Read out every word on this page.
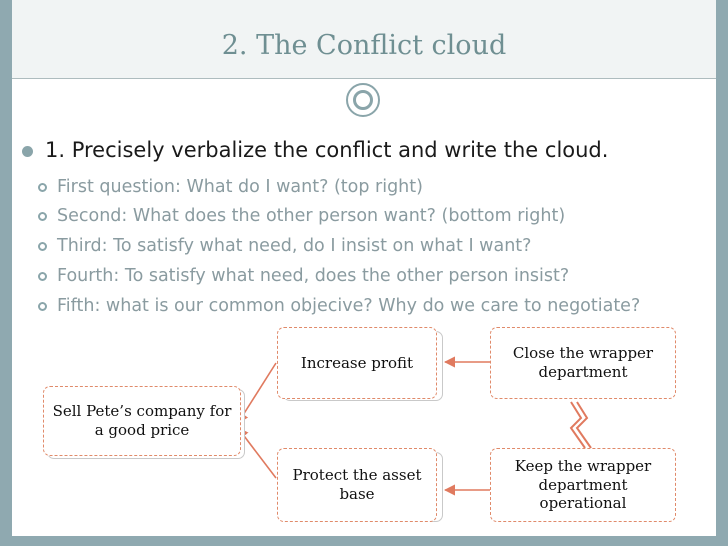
2. The Conflict cloud
1. Precisely verbalize the conflict and write the cloud.
First question: What do I want? (top right)
Second: What does the other person want? (bottom right)
Third: To satisfy what need, do I insist on what I want?
Fourth: To satisfy what need, does the other person insist?
Fifth: what is our common objecive? Why do we care to negotiate?
Sell Pete’s company for a good price
Increase profit
Protect the asset base
Close the wrapper department
Keep the wrapper department operational
